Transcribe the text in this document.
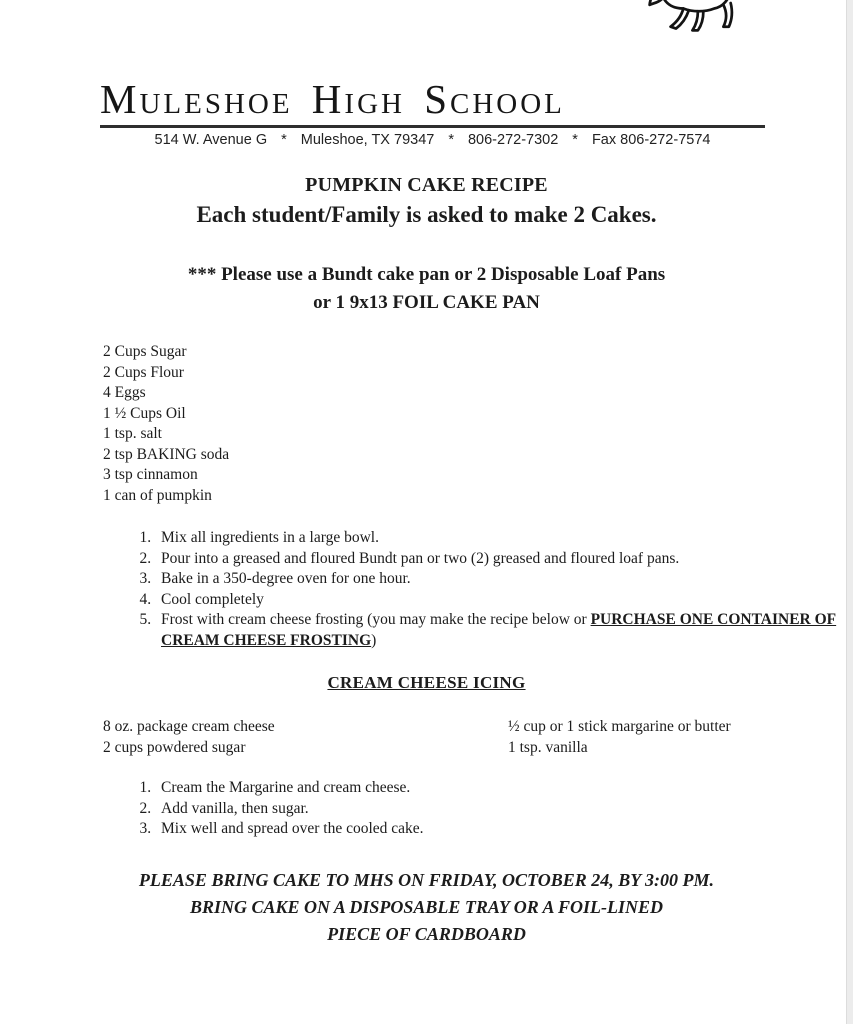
Muleshoe High School
514 W. Avenue G * Muleshoe, TX 79347 * 806-272-7302 * Fax 806-272-7574

PUMPKIN CAKE RECIPE

Each student/Family is asked to make 2 Cakes.

*** Please use a Bundt cake pan or 2 Disposable Loaf Pans

or 1 9x13 FOIL CAKE PAN

2 Cups Sugar
2 Cups Flour
4 Eggs
1 ½ Cups Oil
1 tsp. salt
2 tsp BAKING soda
3 tsp cinnamon
1 can of pumpkin
1. Mix all ingredients in a large bowl.
2. Pour into a greased and floured Bundt pan or two (2) greased and floured loaf pans.
3. Bake in a 350-degree oven for one hour.
4. Cool completely
5. Frost with cream cheese frosting (you may make the recipe below or PURCHASE ONE CONTAINER OF CREAM CHEESE FROSTING)
CREAM CHEESE ICING

8 oz. package cream cheese

2 cups powdered sugar

½ cup or 1 stick margarine or butter

1 tsp. vanilla

1. Cream the Margarine and cream cheese.
2. Add vanilla, then sugar.
3. Mix well and spread over the cooled cake.

PLEASE BRING CAKE TO MHS ON FRIDAY, OCTOBER 24, BY 3:00 PM.

BRING CAKE ON A DISPOSABLE TRAY OR A FOIL-LINED

PIECE OF CARDBOARD
